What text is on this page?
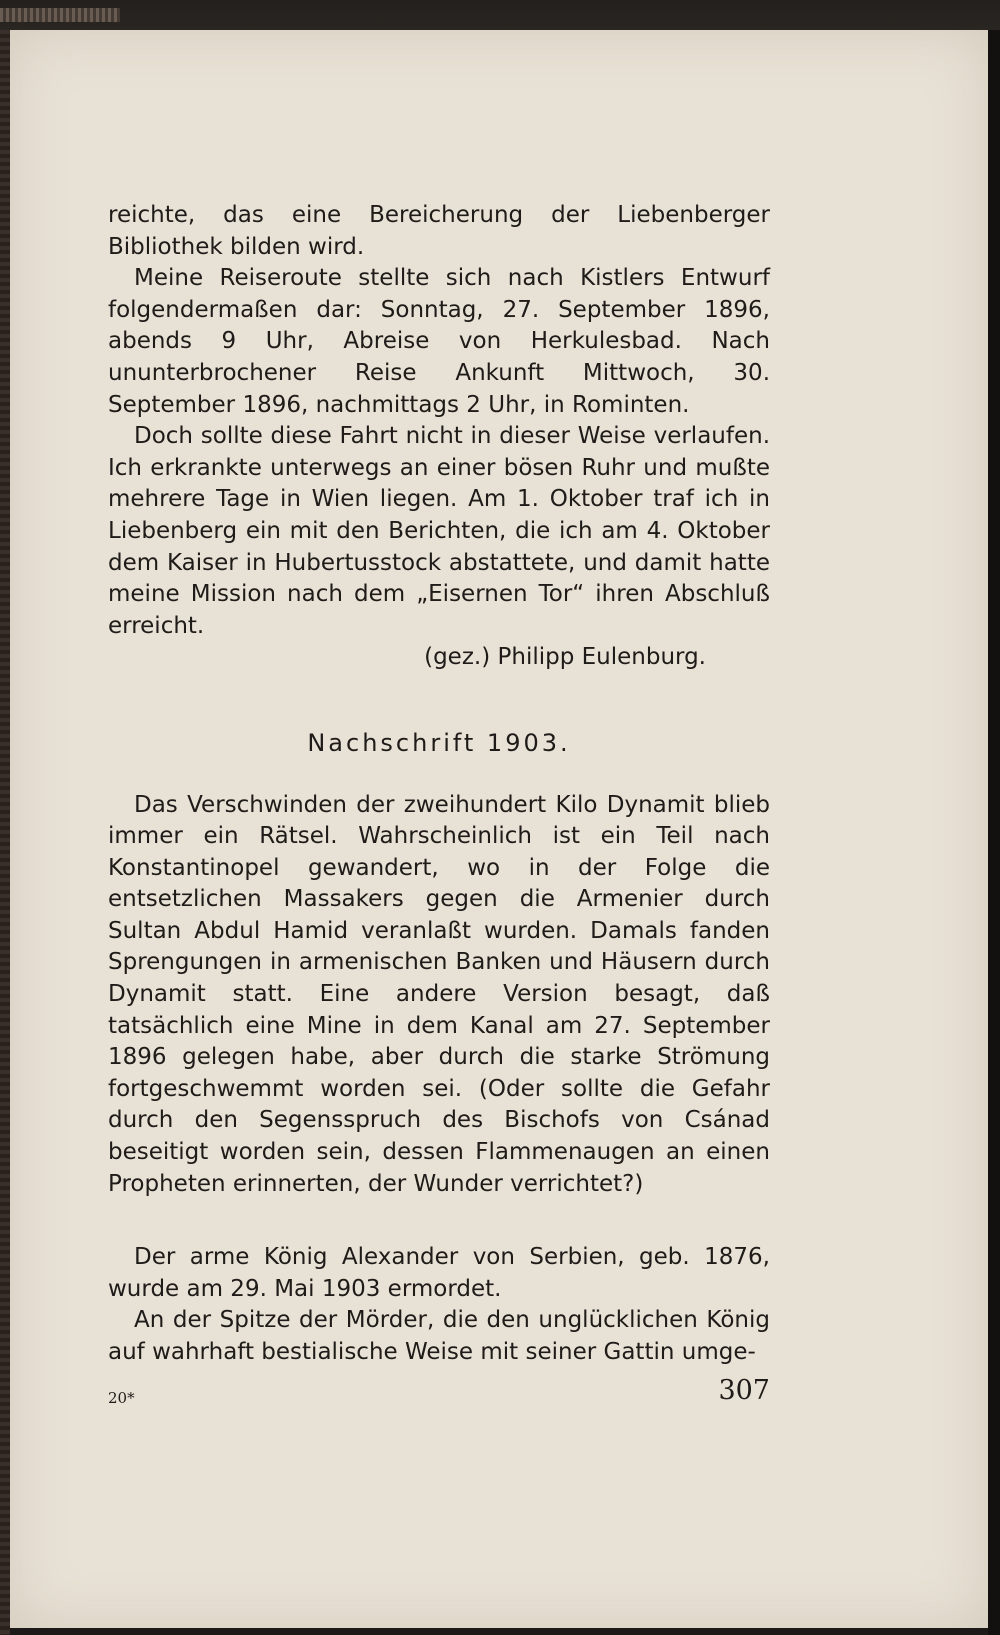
reichte, das eine Bereicherung der Liebenberger Bibliothek bilden wird.

Meine Reiseroute stellte sich nach Kistlers Entwurf folgendermaßen dar: Sonntag, 27. September 1896, abends 9 Uhr, Abreise von Herkulesbad. Nach ununterbrochener Reise Ankunft Mittwoch, 30. September 1896, nachmittags 2 Uhr, in Rominten.

Doch sollte diese Fahrt nicht in dieser Weise verlaufen. Ich erkrankte unterwegs an einer bösen Ruhr und mußte mehrere Tage in Wien liegen. Am 1. Oktober traf ich in Liebenberg ein mit den Berichten, die ich am 4. Oktober dem Kaiser in Hubertusstock abstattete, und damit hatte meine Mission nach dem „Eisernen Tor“ ihren Abschluß erreicht.

(gez.) Philipp Eulenburg.

Nachschrift 1903.

Das Verschwinden der zweihundert Kilo Dynamit blieb immer ein Rätsel. Wahrscheinlich ist ein Teil nach Konstantinopel gewandert, wo in der Folge die entsetzlichen Massakers gegen die Armenier durch Sultan Abdul Hamid veranlaßt wurden. Damals fanden Sprengungen in armenischen Banken und Häusern durch Dynamit statt. Eine andere Version besagt, daß tatsächlich eine Mine in dem Kanal am 27. September 1896 gelegen habe, aber durch die starke Strömung fortgeschwemmt worden sei. (Oder sollte die Gefahr durch den Segensspruch des Bischofs von Csánad beseitigt worden sein, dessen Flammenaugen an einen Propheten erinnerten, der Wunder verrichtet?)

Der arme König Alexander von Serbien, geb. 1876, wurde am 29. Mai 1903 ermordet.

An der Spitze der Mörder, die den unglücklichen König auf wahrhaft bestialische Weise mit seiner Gattin umge-

20*	307
